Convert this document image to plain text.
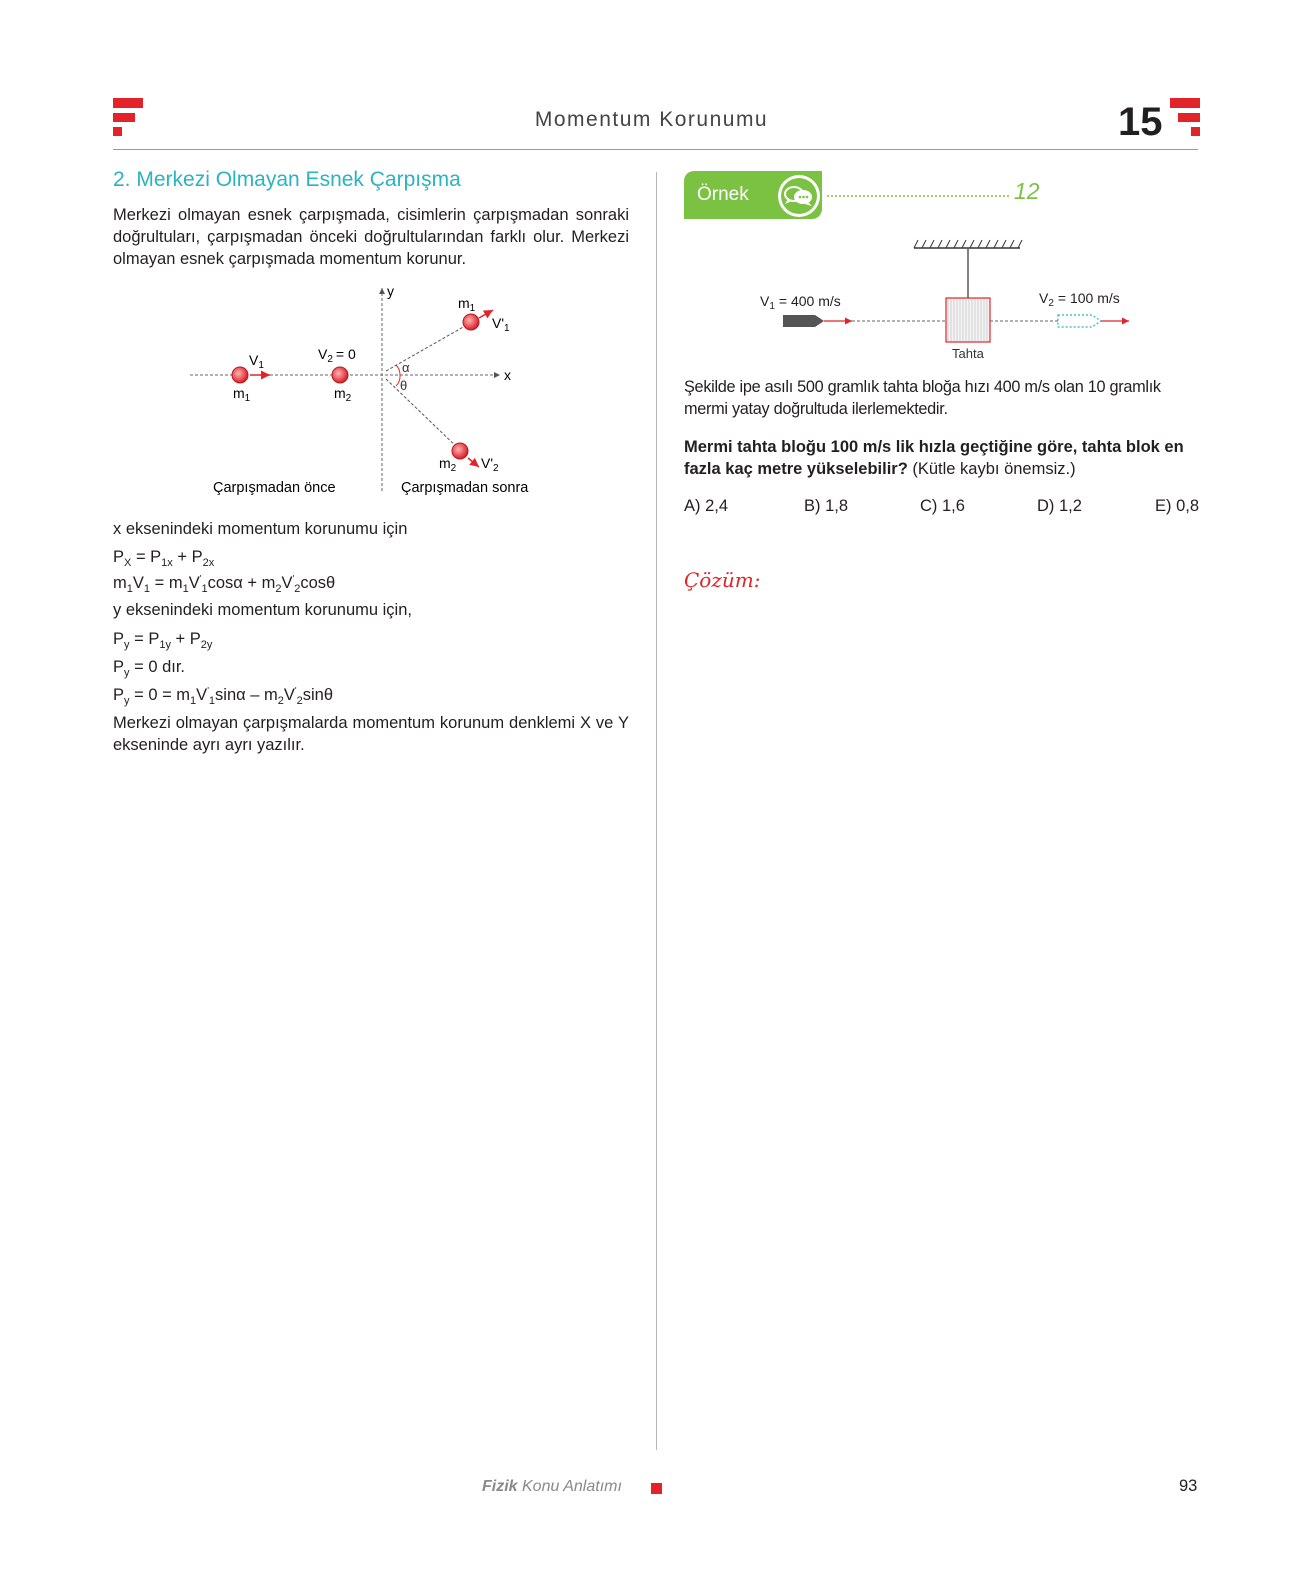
Momentum Korunumu	15
2. Merkezi Olmayan Esnek Çarpışma
Merkezi olmayan esnek çarpışmada, cisimlerin çarpışmadan sonraki doğrultuları, çarpışmadan önceki doğrultularından farklı olur. Merkezi olmayan esnek çarpışmada momentum korunur.
y
x
α
θ
$V_1$
$m_1$
$V_2 = 0$
$m_2$
$m_1$
$V'_1$
$m_2$ $V'_2$
Çarpışmadan önce	Çarpışmadan sonra
x eksenindeki momentum korunumu için
$P_X = P_{1x} + P_{2x}$
$m_1V_1 = m_1V'_1\cos\alpha + m_2V'_2\cos\theta$
y eksenindeki momentum korunumu için,
$P_y = P_{1y} + P_{2y}$
$P_y = 0$ dır.
$P_y = 0 = m_1V'_1\sin\alpha - m_2V'_2\sin\theta$
Merkezi olmayan çarpışmalarda momentum korunum denklemi X ve Y ekseninde ayrı ayrı yazılır.
Örnek	12
Tahta
$V_1 = 400$ m/s	$V_2 = 100$ m/s
Şekilde ipe asılı 500 gramlık tahta bloğa hızı 400 m/s olan 10 gramlık mermi yatay doğrultuda ilerlemektedir.
Mermi tahta bloğu 100 m/s lik hızla geçtiğine göre, tahta blok en fazla kaç metre yükselebilir? (Kütle kaybı önemsiz.)
A) 2,4	B) 1,8	C) 1,6	D) 1,2	E) 0,8
Çözüm:
Fizik Konu Anlatımı	93
